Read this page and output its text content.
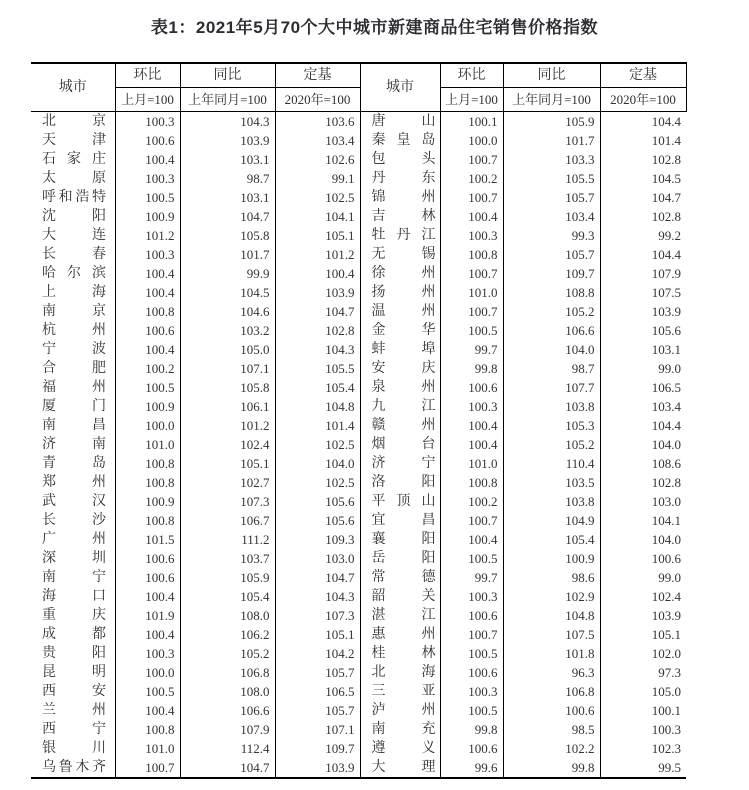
表1：2021年5月70个大中城市新建商品住宅销售价格指数
城市	环比	同比	定基	城市	环比	同比	定基
	上月=100	上年同月=100	2020年=100		上月=100	上年同月=100	2020年=100
北京	100.3	104.3	103.6	唐山	100.1	105.9	104.4
天津	100.6	103.9	103.4	秦皇岛	100.0	101.7	101.4
石家庄	100.4	103.1	102.6	包头	100.7	103.3	102.8
太原	100.3	98.7	99.1	丹东	100.2	105.5	104.5
呼和浩特	100.5	103.1	102.5	锦州	100.7	105.7	104.7
沈阳	100.9	104.7	104.1	吉林	100.4	103.4	102.8
大连	101.2	105.8	105.1	牡丹江	100.3	99.3	99.2
长春	100.3	101.7	101.2	无锡	100.8	105.7	104.4
哈尔滨	100.4	99.9	100.4	徐州	100.7	109.7	107.9
上海	100.4	104.5	103.9	扬州	101.0	108.8	107.5
南京	100.8	104.6	104.7	温州	100.7	105.2	103.9
杭州	100.6	103.2	102.8	金华	100.5	106.6	105.6
宁波	100.4	105.0	104.3	蚌埠	99.7	104.0	103.1
合肥	100.2	107.1	105.5	安庆	99.8	98.7	99.0
福州	100.5	105.8	105.4	泉州	100.6	107.7	106.5
厦门	100.9	106.1	104.8	九江	100.3	103.8	103.4
南昌	100.0	101.2	101.4	赣州	100.4	105.3	104.4
济南	101.0	102.4	102.5	烟台	100.4	105.2	104.0
青岛	100.8	105.1	104.0	济宁	101.0	110.4	108.6
郑州	100.8	102.7	102.5	洛阳	100.8	103.5	102.8
武汉	100.9	107.3	105.6	平顶山	100.2	103.8	103.0
长沙	100.8	106.7	105.6	宜昌	100.7	104.9	104.1
广州	101.5	111.2	109.3	襄阳	100.4	105.4	104.0
深圳	100.6	103.7	103.0	岳阳	100.5	100.9	100.6
南宁	100.6	105.9	104.7	常德	99.7	98.6	99.0
海口	100.4	105.4	104.3	韶关	100.3	102.9	102.4
重庆	101.9	108.0	107.3	湛江	100.6	104.8	103.9
成都	100.4	106.2	105.1	惠州	100.7	107.5	105.1
贵阳	100.3	105.2	104.2	桂林	100.5	101.8	102.0
昆明	100.0	106.8	105.7	北海	100.6	96.3	97.3
西安	100.5	108.0	106.5	三亚	100.3	106.8	105.0
兰州	100.4	106.6	105.7	泸州	100.5	100.6	100.1
西宁	100.8	107.9	107.1	南充	99.8	98.5	100.3
银川	101.0	112.4	109.7	遵义	100.6	102.2	102.3
乌鲁木齐	100.7	104.7	103.9	大理	99.6	99.8	99.5
